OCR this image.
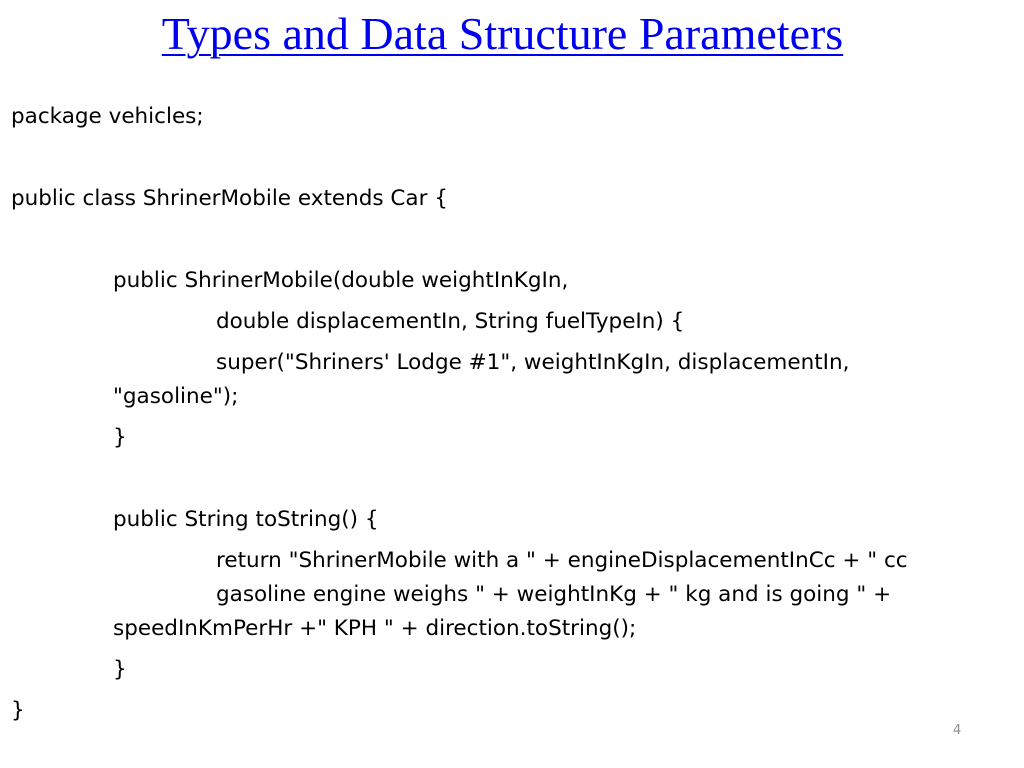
Types and Data Structure Parameters
package vehicles;
public class ShrinerMobile extends Car {
public ShrinerMobile(double weightInKgIn,
double displacementIn, String fuelTypeIn) {
super("Shriners' Lodge #1", weightInKgIn, displacementIn,
"gasoline");
}
public String toString() {
return "ShrinerMobile with a " + engineDisplacementInCc + " cc
gasoline engine weighs " + weightInKg + " kg and is going " +
speedInKmPerHr +" KPH " + direction.toString();
}
}
4
